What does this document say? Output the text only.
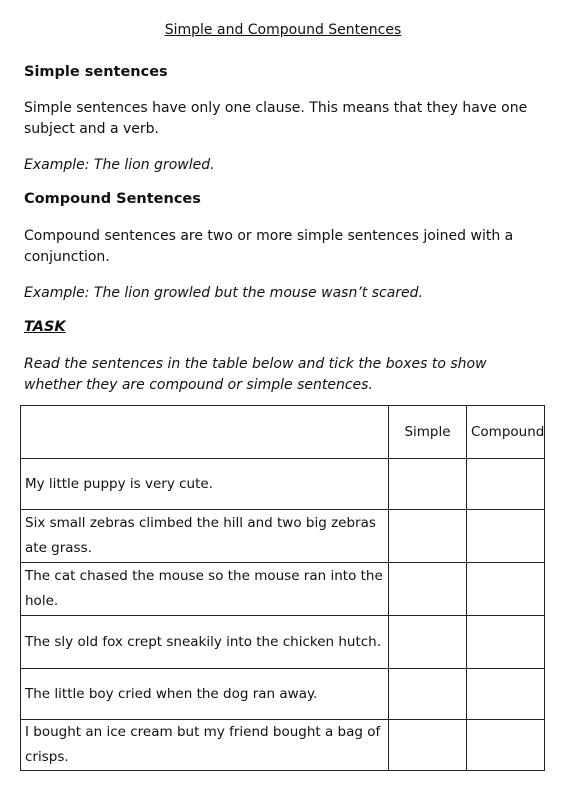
Simple and Compound Sentences
Simple sentences
Simple sentences have only one clause. This means that they have one subject and a verb.
Example: The lion growled.
Compound Sentences
Compound sentences are two or more simple sentences joined with a conjunction.
Example: The lion growled but the mouse wasn’t scared.
TASK
Read the sentences in the table below and tick the boxes to show whether they are compound or simple sentences.
	Simple	Compound
My little puppy is very cute.		
Six small zebras climbed the hill and two big zebras ate grass.		
The cat chased the mouse so the mouse ran into the hole.		
The sly old fox crept sneakily into the chicken hutch.		
The little boy cried when the dog ran away.		
I bought an ice cream but my friend bought a bag of crisps.		
